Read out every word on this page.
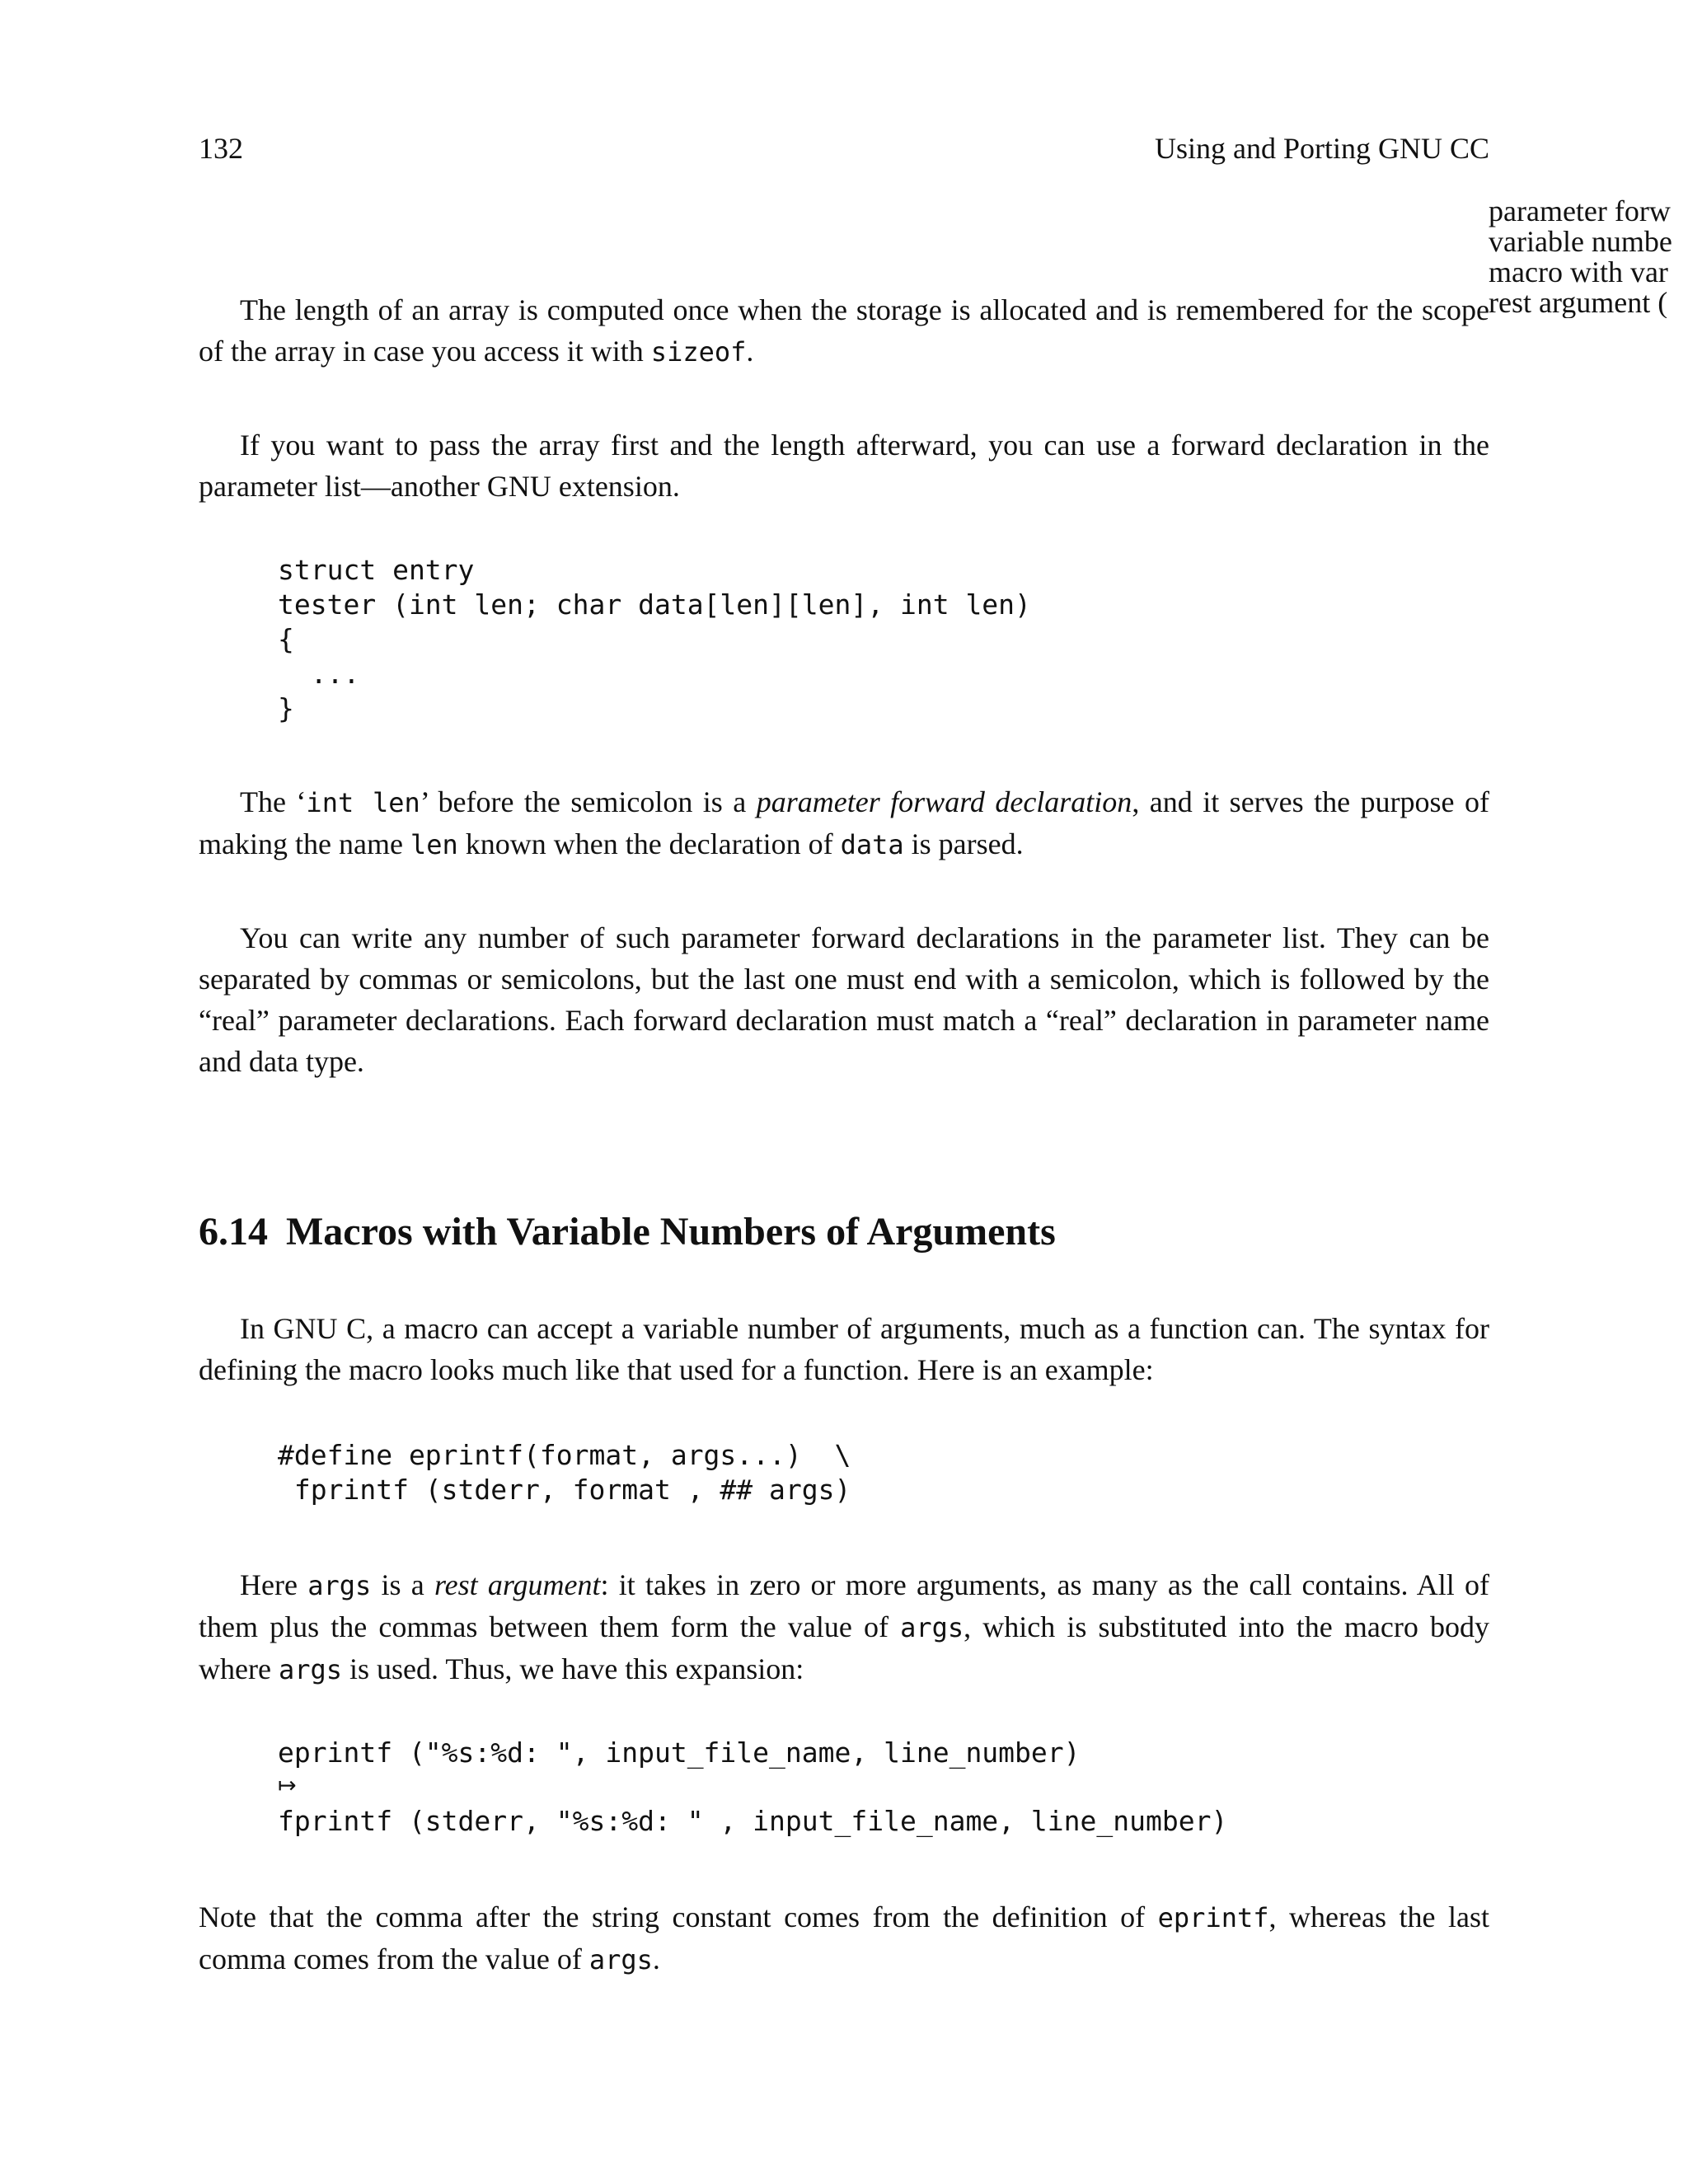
132	Using and Porting GNU CC
parameter forw
variable numbe
macro with var
rest argument (

The length of an array is computed once when the storage is allocated and is remembered for the scope of the array in case you access it with sizeof.

If you want to pass the array first and the length afterward, you can use a forward declaration in the parameter list—another GNU extension.

struct entry
tester (int len; char data[len][len], int len)
{
...
}

The ‘int len’ before the semicolon is a parameter forward declaration, and it serves the purpose of making the name len known when the declaration of data is parsed.

You can write any number of such parameter forward declarations in the parameter list. They can be separated by commas or semicolons, but the last one must end with a semicolon, which is followed by the “real” parameter declarations. Each forward declaration must match a “real” declaration in parameter name and data type.

6.14 Macros with Variable Numbers of Arguments

In GNU C, a macro can accept a variable number of arguments, much as a function can. The syntax for defining the macro looks much like that used for a function. Here is an example:

#define eprintf(format, args...)  \
fprintf (stderr, format , ## args)

Here args is a rest argument: it takes in zero or more arguments, as many as the call contains. All of them plus the commas between them form the value of args, which is substituted into the macro body where args is used. Thus, we have this expansion:

eprintf ("%s:%d: ", input_file_name, line_number)
↦
fprintf (stderr, "%s:%d: " , input_file_name, line_number)

Note that the comma after the string constant comes from the definition of eprintf, whereas the last comma comes from the value of args.
